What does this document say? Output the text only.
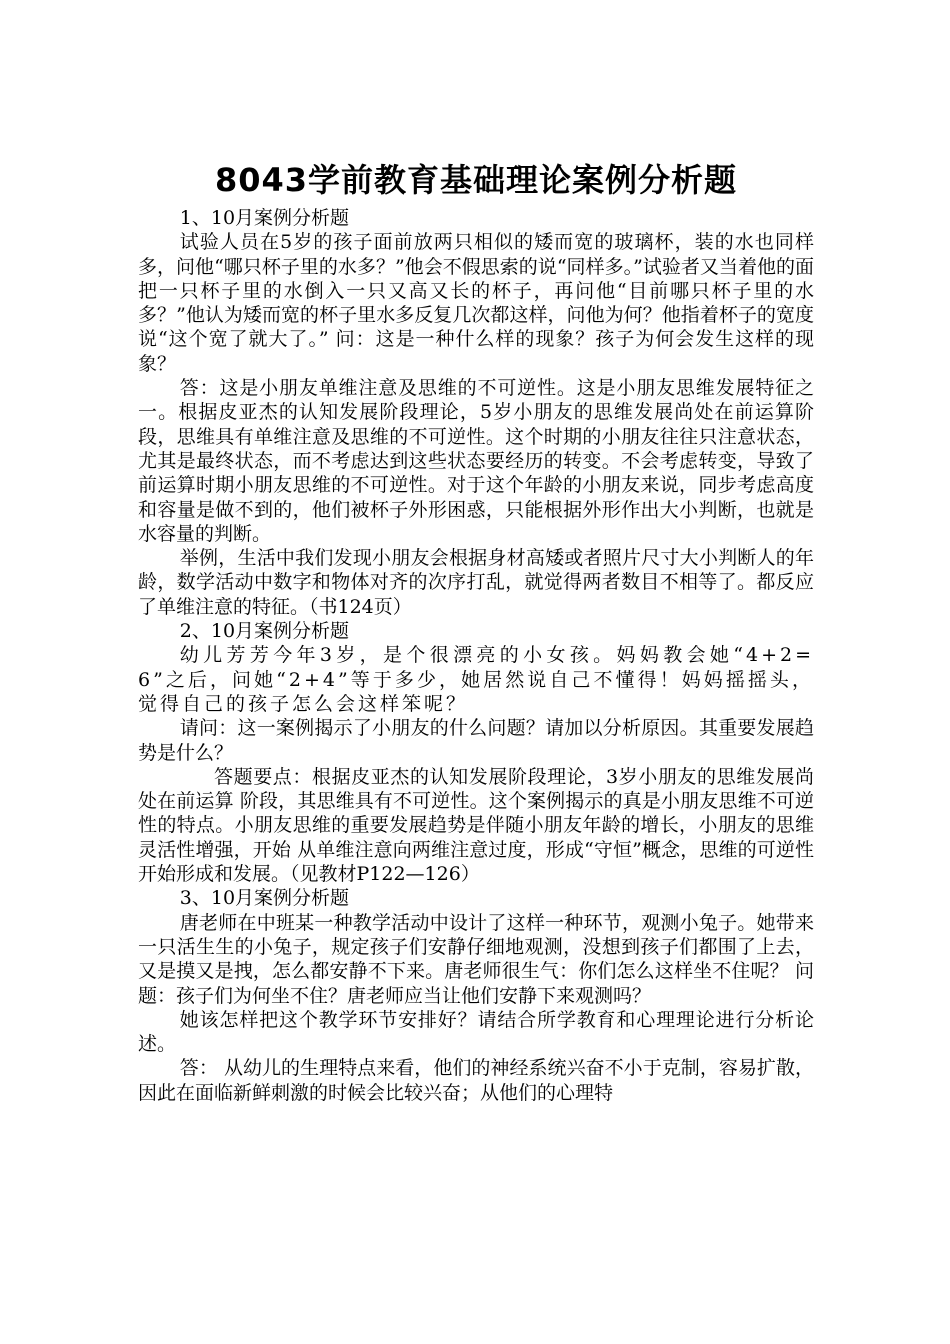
8043学前教育基础理论案例分析题

1、10月案例分析题

试验人员在5岁的孩子面前放两只相似的矮而宽的玻璃杯，装的水也同样多，问他“哪只杯子里的水多？”他会不假思索的说“同样多。”试验者又当着他的面把一只杯子里的水倒入一只又高又长的杯子，再问他“目前哪只杯子里的水多？”他认为矮而宽的杯子里水多反复几次都这样，问他为何？他指着杯子的宽度说“这个宽了就大了。” 问：这是一种什么样的现象？孩子为何会发生这样的现象？

答：这是小朋友单维注意及思维的不可逆性。这是小朋友思维发展特征之一。根据皮亚杰的认知发展阶段理论，5岁小朋友的思维发展尚处在前运算阶段，思维具有单维注意及思维的不可逆性。这个时期的小朋友往往只注意状态，尤其是最终状态，而不考虑达到这些状态要经历的转变。不会考虑转变，导致了前运算时期小朋友思维的不可逆性。对于这个年龄的小朋友来说，同步考虑高度和容量是做不到的，他们被杯子外形困惑，只能根据外形作出大小判断，也就是水容量的判断。

举例，生活中我们发现小朋友会根据身材高矮或者照片尺寸大小判断人的年龄，数学活动中数字和物体对齐的次序打乱，就觉得两者数目不相等了。都反应了单维注意的特征。（书124页）

2、10月案例分析题

幼儿芳芳今年3岁，是个很漂亮的小女孩。妈妈教会她“4+2=6”之后，问她“2+4”等于多少，她居然说自己不懂得！妈妈摇摇头，觉得自己的孩子怎么会这样笨呢？

请问：这一案例揭示了小朋友的什么问题？请加以分析原因。其重要发展趋势是什么？

答题要点：根据皮亚杰的认知发展阶段理论，3岁小朋友的思维发展尚处在前运算 阶段，其思维具有不可逆性。这个案例揭示的真是小朋友思维不可逆性的特点。小朋友思维的重要发展趋势是伴随小朋友年龄的增长，小朋友的思维灵活性增强，开始 从单维注意向两维注意过度，形成“守恒”概念，思维的可逆性开始形成和发展。（见教材P122—126）

3、10月案例分析题

唐老师在中班某一种教学活动中设计了这样一种环节，观测小兔子。她带来一只活生生的小兔子，规定孩子们安静仔细地观测，没想到孩子们都围了上去，又是摸又是拽，怎么都安静不下来。唐老师很生气：你们怎么这样坐不住呢？ 问题：孩子们为何坐不住？唐老师应当让他们安静下来观测吗？

她该怎样把这个教学环节安排好？请结合所学教育和心理理论进行分析论述。

答： 从幼儿的生理特点来看，他们的神经系统兴奋不小于克制，容易扩散，因此在面临新鲜刺激的时候会比较兴奋；从他们的心理特
